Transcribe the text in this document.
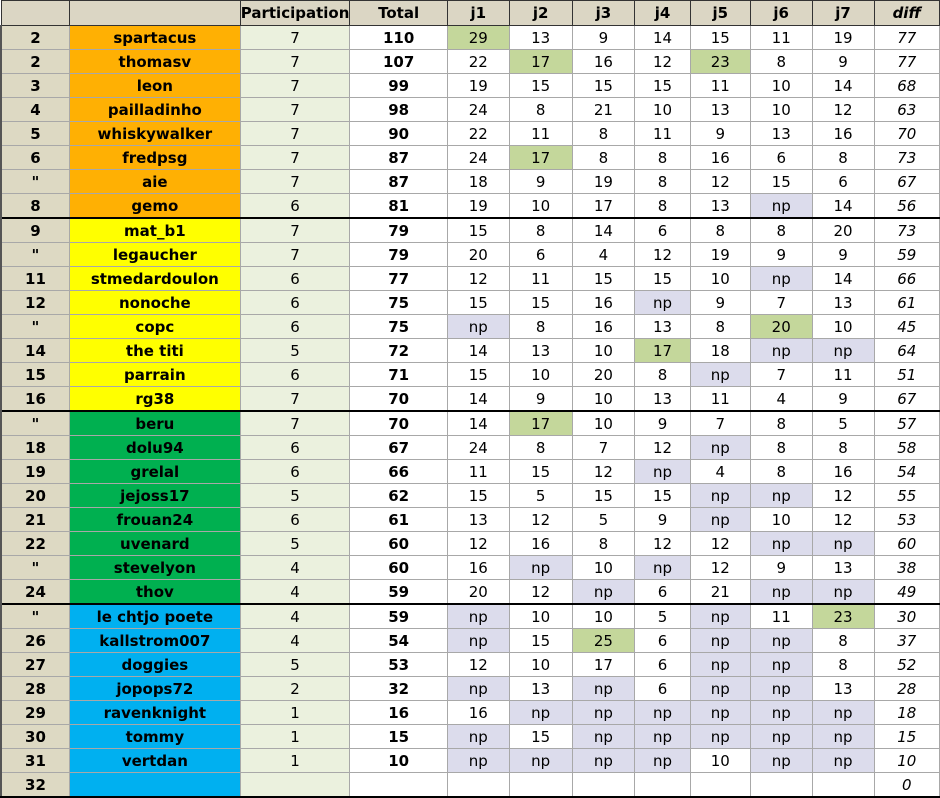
		Participation	Total	j1	j2	j3	j4	j5	j6	j7	diff
2	spartacus	7	110	29	13	9	14	15	11	19	77
2	thomasv	7	107	22	17	16	12	23	8	9	77
3	leon	7	99	19	15	15	15	11	10	14	68
4	pailladinho	7	98	24	8	21	10	13	10	12	63
5	whiskywalker	7	90	22	11	8	11	9	13	16	70
6	fredpsg	7	87	24	17	8	8	16	6	8	73
"	aie	7	87	18	9	19	8	12	15	6	67
8	gemo	6	81	19	10	17	8	13	np	14	56
9	mat_b1	7	79	15	8	14	6	8	8	20	73
"	legaucher	7	79	20	6	4	12	19	9	9	59
11	stmedardoulon	6	77	12	11	15	15	10	np	14	66
12	nonoche	6	75	15	15	16	np	9	7	13	61
"	copc	6	75	np	8	16	13	8	20	10	45
14	the titi	5	72	14	13	10	17	18	np	np	64
15	parrain	6	71	15	10	20	8	np	7	11	51
16	rg38	7	70	14	9	10	13	11	4	9	67
"	beru	7	70	14	17	10	9	7	8	5	57
18	dolu94	6	67	24	8	7	12	np	8	8	58
19	grelal	6	66	11	15	12	np	4	8	16	54
20	jejoss17	5	62	15	5	15	15	np	np	12	55
21	frouan24	6	61	13	12	5	9	np	10	12	53
22	uvenard	5	60	12	16	8	12	12	np	np	60
"	stevelyon	4	60	16	np	10	np	12	9	13	38
24	thov	4	59	20	12	np	6	21	np	np	49
"	le chtjo poete	4	59	np	10	10	5	np	11	23	30
26	kallstrom007	4	54	np	15	25	6	np	np	8	37
27	doggies	5	53	12	10	17	6	np	np	8	52
28	jopops72	2	32	np	13	np	6	np	np	13	28
29	ravenknight	1	16	16	np	np	np	np	np	np	18
30	tommy	1	15	np	15	np	np	np	np	np	15
31	vertdan	1	10	np	np	np	np	10	np	np	10
32											0
